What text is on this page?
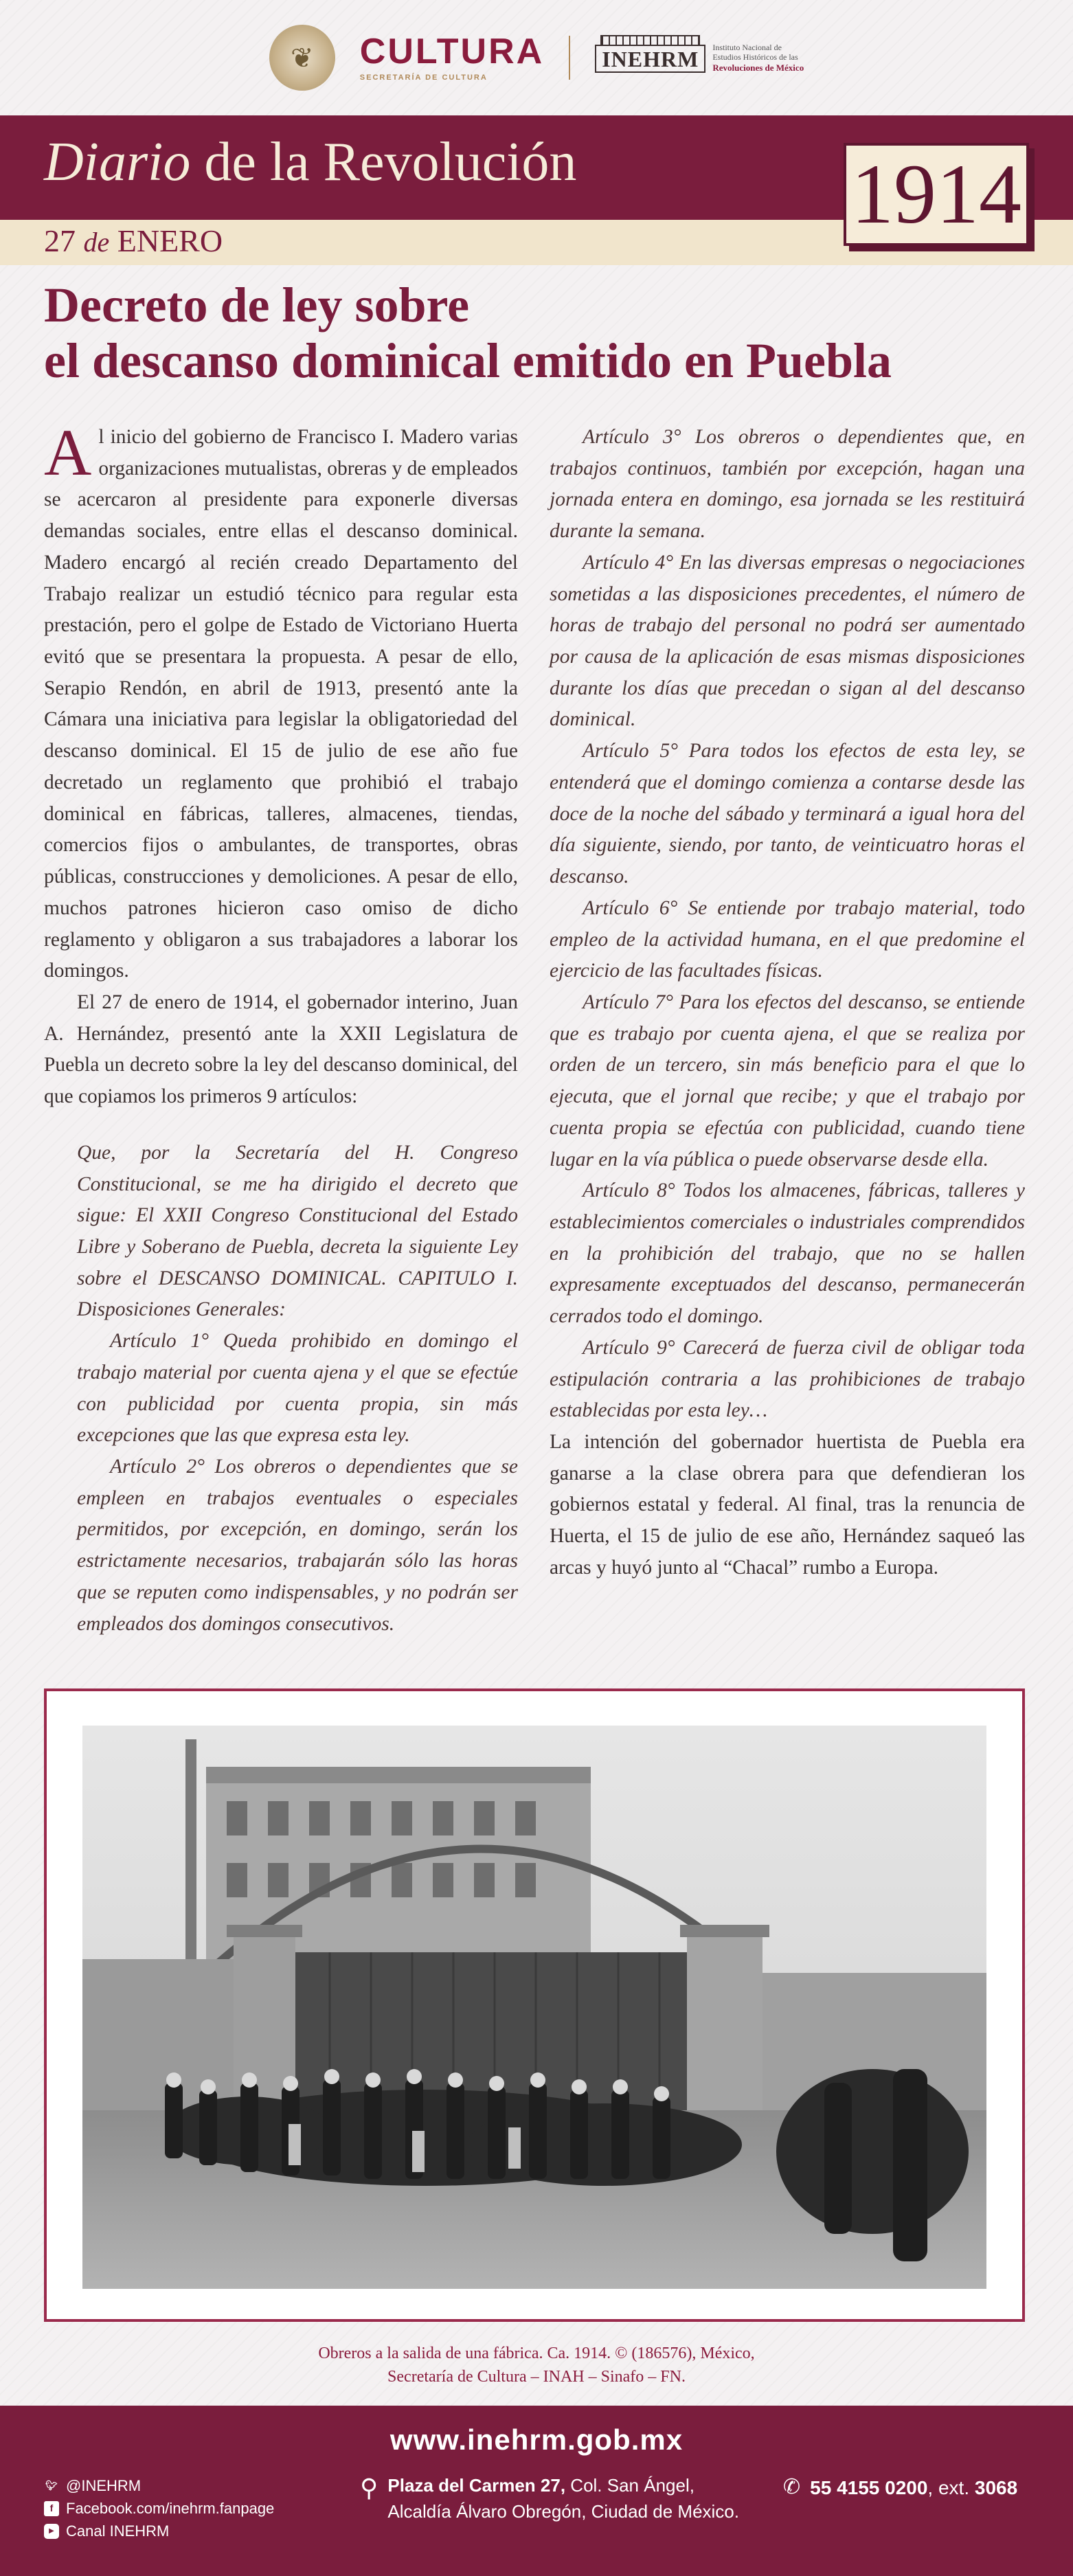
❦	CULTURA
SECRETARÍA DE CULTURA
INEHRM	Instituto Nacional de
Estudios Históricos de las
Revoluciones de México
Diario de la Revolución
27 de ENERO	1914
Decreto de ley sobre
el descanso dominical emitido en Puebla

Al inicio del gobierno de Francisco I. Madero varias organizaciones mutualistas, obreras y de empleados se acercaron al presidente para exponerle diversas demandas sociales, entre ellas el descanso dominical. Madero encargó al recién creado Departamento del Trabajo realizar un estudió técnico para regular esta prestación, pero el golpe de Estado de Victoriano Huerta evitó que se presentara la propuesta. A pesar de ello, Serapio Rendón, en abril de 1913, presentó ante la Cámara una iniciativa para legislar la obligatoriedad del descanso dominical. El 15 de julio de ese año fue decretado un reglamento que prohibió el trabajo dominical en fábricas, talleres, almacenes, tiendas, comercios fijos o ambulantes, de transportes, obras públicas, construcciones y demoliciones. A pesar de ello, muchos patrones hicieron caso omiso de dicho reglamento y obligaron a sus trabajadores a laborar los domingos.

El 27 de enero de 1914, el gobernador interino, Juan A. Hernández, presentó ante la XXII Legislatura de Puebla un decreto sobre la ley del descanso dominical, del que copiamos los primeros 9 artículos:

Que, por la Secretaría del H. Congreso Constitucional, se me ha dirigido el decreto que sigue: El XXII Congreso Constitucional del Estado Libre y Soberano de Puebla, decreta la siguiente Ley sobre el DESCANSO DOMINICAL. CAPITULO I. Disposiciones Generales:

Artículo 1° Queda prohibido en domingo el trabajo material por cuenta ajena y el que se efectúe con publicidad por cuenta propia, sin más excepciones que las que expresa esta ley.

Artículo 2° Los obreros o dependientes que se empleen en trabajos eventuales o especiales permitidos, por excepción, en domingo, serán los estrictamente necesarios, trabajarán sólo las horas que se reputen como indispensables, y no podrán ser empleados dos domingos consecutivos.

Artículo 3° Los obreros o dependientes que, en trabajos continuos, también por excepción, hagan una jornada entera en domingo, esa jornada se les restituirá durante la semana.

Artículo 4° En las diversas empresas o negociaciones sometidas a las disposiciones precedentes, el número de horas de trabajo del personal no podrá ser aumentado por causa de la aplicación de esas mismas disposiciones durante los días que precedan o sigan al del descanso dominical.

Artículo 5° Para todos los efectos de esta ley, se entenderá que el domingo comienza a contarse desde las doce de la noche del sábado y terminará a igual hora del día siguiente, siendo, por tanto, de veinticuatro horas el descanso.

Artículo 6° Se entiende por trabajo material, todo empleo de la actividad humana, en el que predomine el ejercicio de las facultades físicas.

Artículo 7° Para los efectos del descanso, se entiende que es trabajo por cuenta ajena, el que se realiza por orden de un tercero, sin más beneficio para el que lo ejecuta, que el jornal que recibe; y que el trabajo por cuenta propia se efectúa con publicidad, cuando tiene lugar en la vía pública o puede observarse desde ella.

Artículo 8° Todos los almacenes, fábricas, talleres y establecimientos comerciales o industriales comprendidos en la prohibición del trabajo, que no se hallen expresamente exceptuados del descanso, permanecerán cerrados todo el domingo.

Artículo 9° Carecerá de fuerza civil de obligar toda estipulación contraria a las prohibiciones de trabajo establecidas por esta ley…

La intención del gobernador huertista de Puebla era ganarse a la clase obrera para que defendieran los gobiernos estatal y federal. Al final, tras la renuncia de Huerta, el 15 de julio de ese año, Hernández saqueó las arcas y huyó junto al “Chacal” rumbo a Europa.

Obreros a la salida de una fábrica. Ca. 1914. © (186576), México,
Secretaría de Cultura – INAH – Sinafo – FN.
www.inehrm.gob.mx
🐦︎ @INEHRM
f Facebook.com/inehrm.fanpage
▶ Canal INEHRM
⚲ Plaza del Carmen 27, Col. San Ángel,
Alcaldía Álvaro Obregón, Ciudad de México.
✆ 55 4155 0200, ext. 3068
